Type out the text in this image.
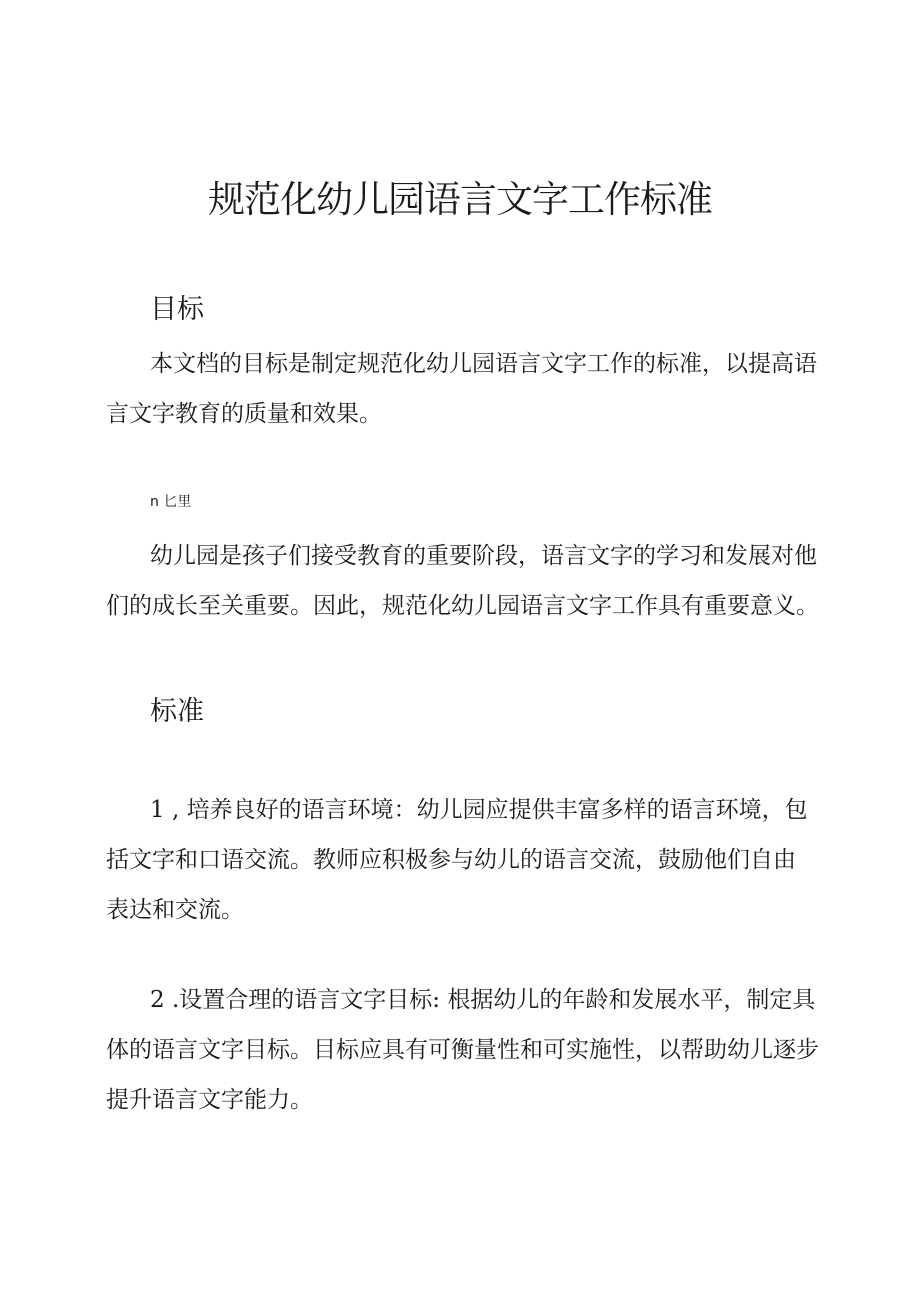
规范化幼儿园语言文字工作标准
目标

本文档的目标是制定规范化幼儿园语言文字工作的标准，以提高语言文字教育的质量和效果。

n 匕里

幼儿园是孩子们接受教育的重要阶段，语言文字的学习和发展对他们的成长至关重要。因此，规范化幼儿园语言文字工作具有重要意义。

标准

1 , 培养良好的语言环境：幼儿园应提供丰富多样的语言环境，包括文字和口语交流。教师应积极参与幼儿的语言交流，鼓励他们自由表达和交流。

2 .设置合理的语言文字目标: 根据幼儿的年龄和发展水平，制定具体的语言文字目标。目标应具有可衡量性和可实施性，以帮助幼儿逐步提升语言文字能力。
